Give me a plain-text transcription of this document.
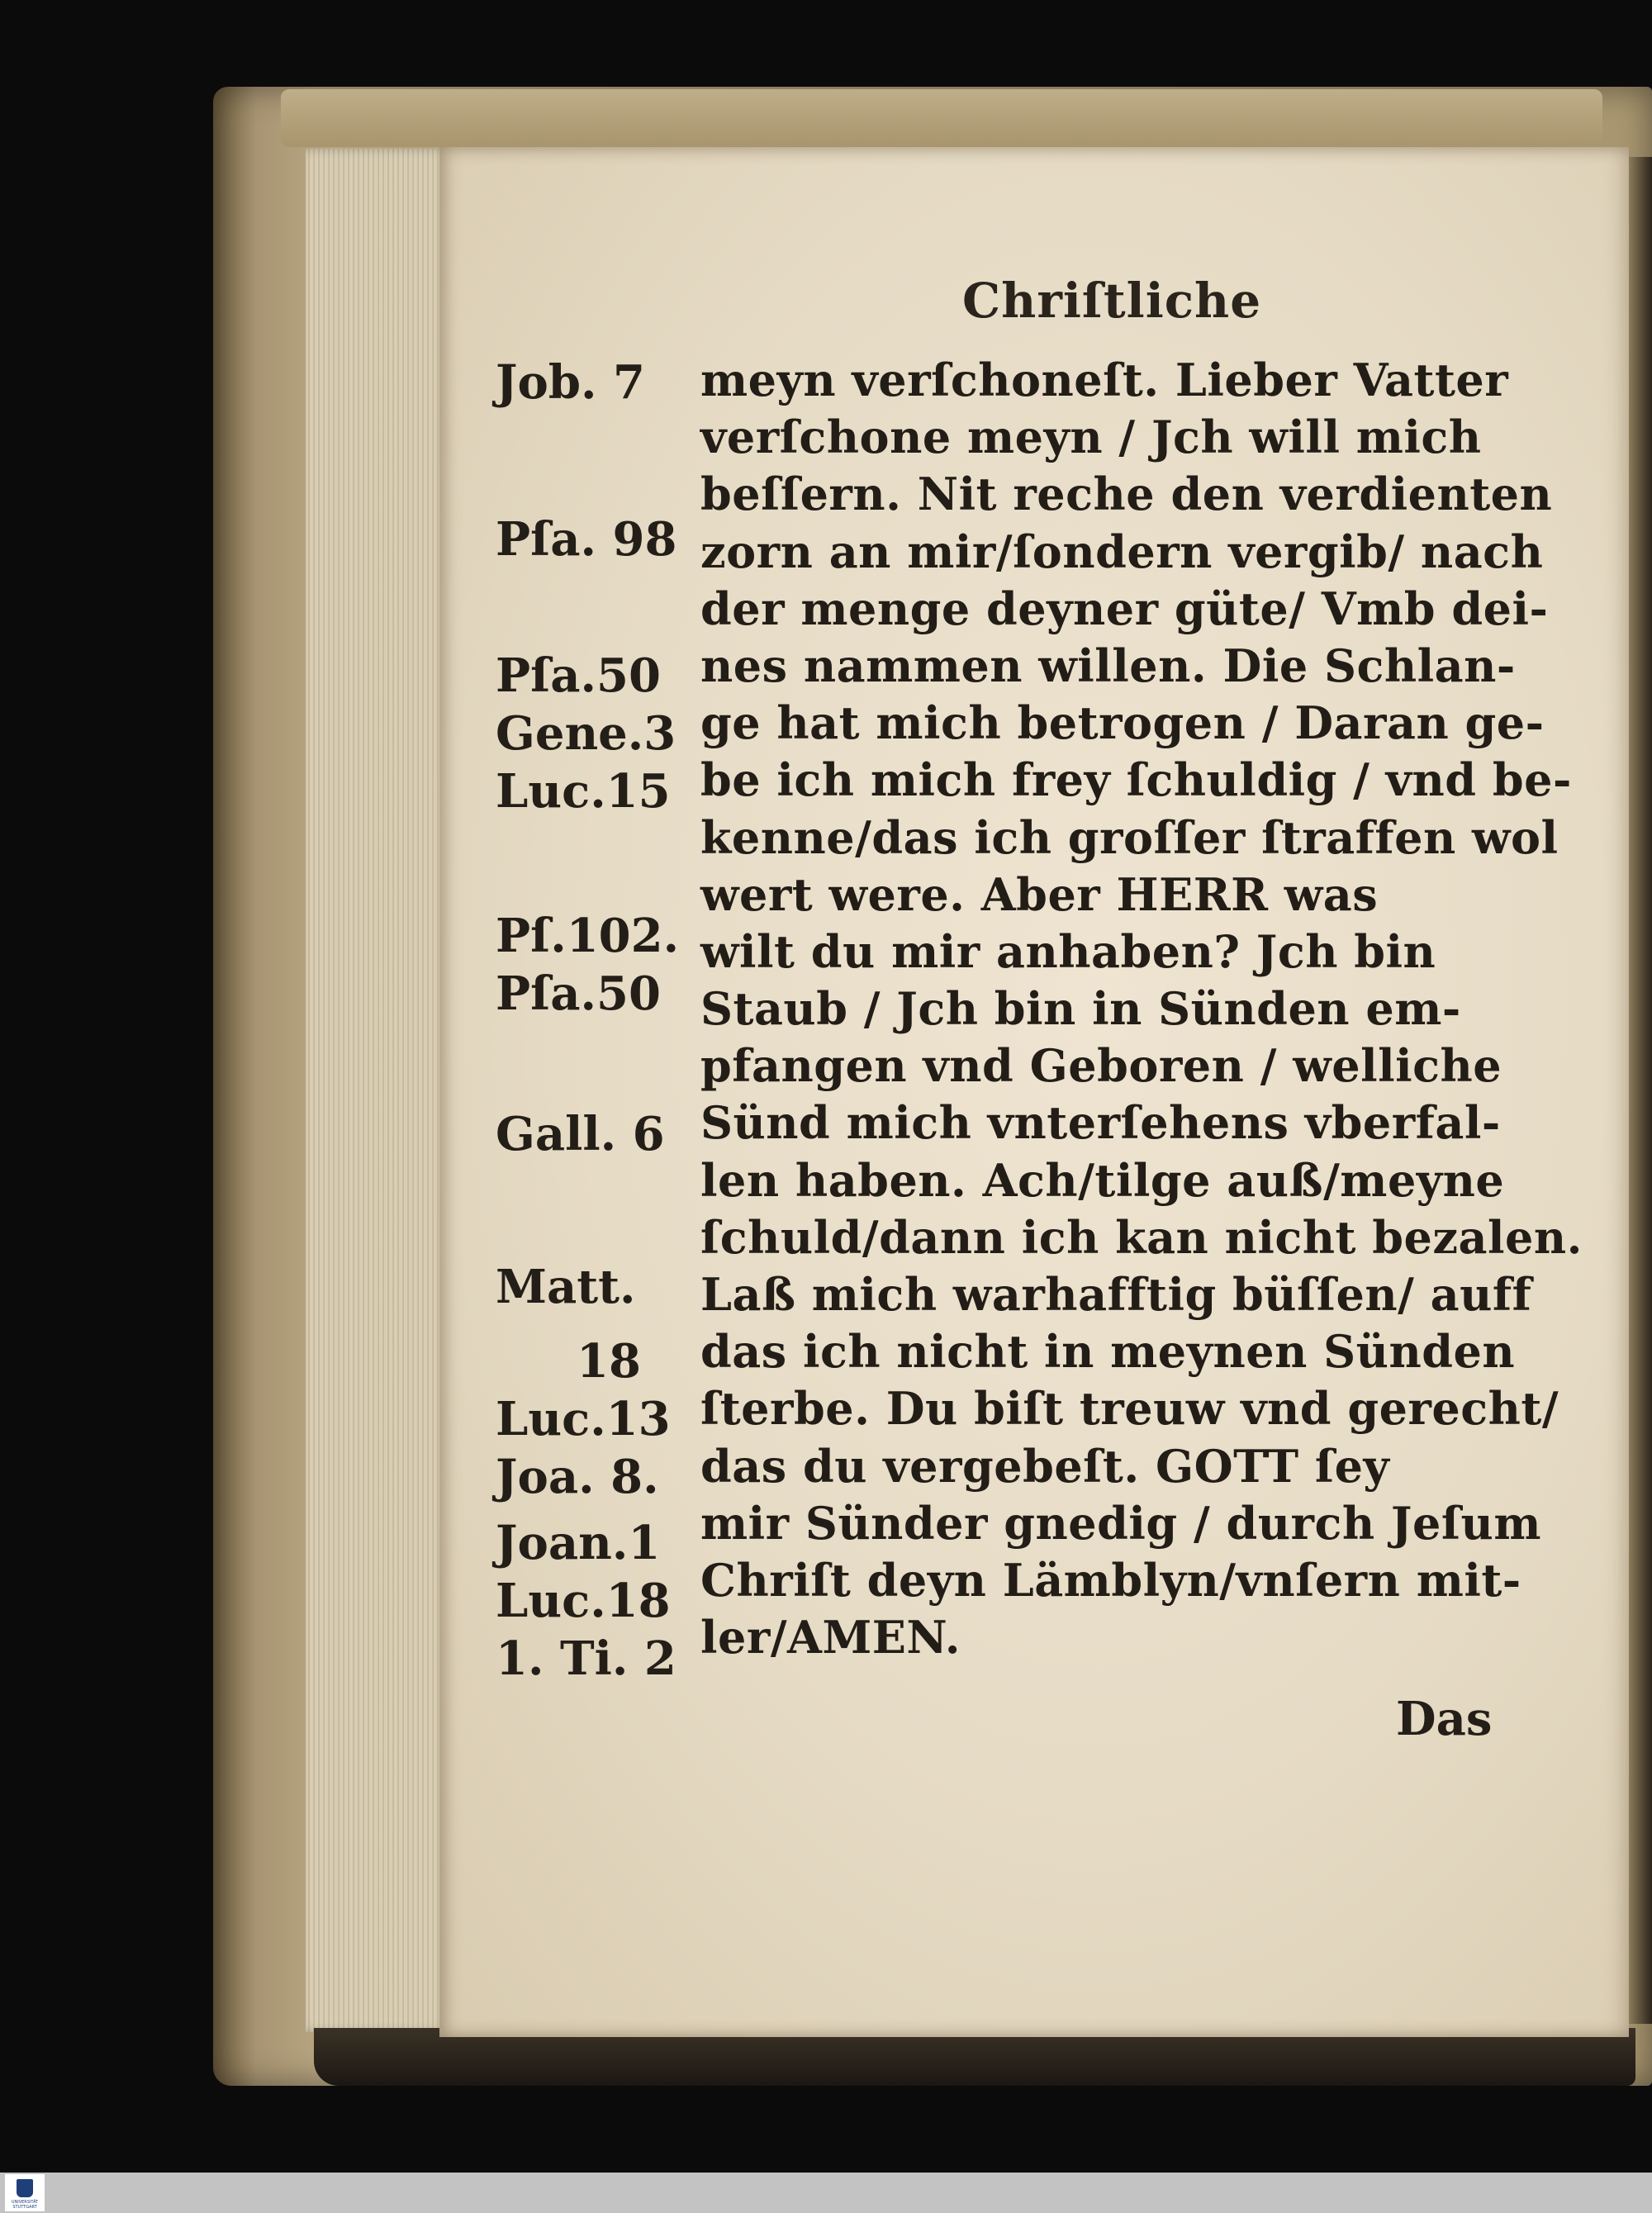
Chriſtliche
Job. 7
Pſa. 98
Pſa.50
Gene.3
Luc.15
Pſ.102.
Pſa.50
Gall. 6
Matt.
18
Luc.13
Joa. 8.
Joan.1
Luc.18
1. Ti. 2
meyn verſchoneſt. Lieber Vatter
verſchone meyn / Jch will mich
beſſern. Nit reche den verdienten
zorn an mir/ſondern vergib/ nach
der menge deyner güte/ Vmb dei-
nes nammen willen. Die Schlan-
ge hat mich betrogen / Daran ge-
be ich mich frey ſchuldig / vnd be-
kenne/das ich groſſer ſtraffen wol
wert were. Aber HERR was
wilt du mir anhaben? Jch bin
Staub / Jch bin in Sünden em-
pfangen vnd Geboren / welliche
Sünd mich vnterſehens vberfal-
len haben. Ach/tilge auß/meyne
ſchuld/dann ich kan nicht bezalen.
Laß mich warhafftig büſſen/ auff
das ich nicht in meynen Sünden
ſterbe. Du biſt treuw vnd gerecht/
das du vergebeſt. GOTT ſey
mir Sünder gnedig / durch Jeſum
Chriſt deyn Lämblyn/vnſern mit-
ler/AMEN.
Das
UNIVERSITÄT STUTTGART
